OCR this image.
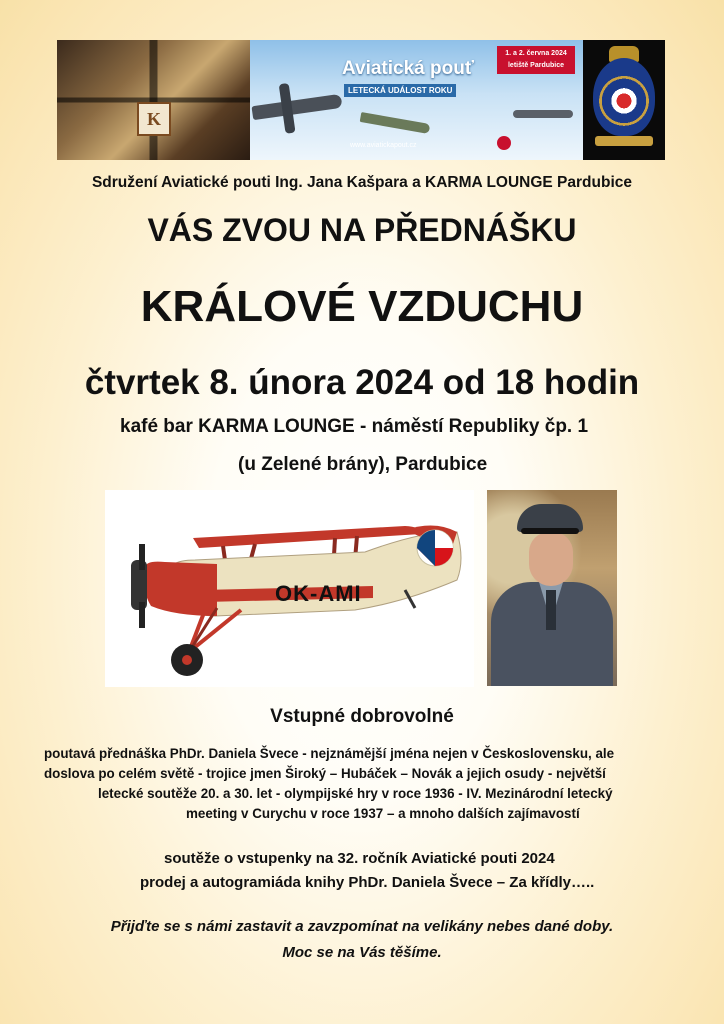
K
Aviatická pouť
LETECKÁ UDÁLOST ROKU
1. a 2. června 2024
letiště Pardubice
www.aviatickapout.cz
Sdružení Aviatické pouti Ing. Jana Kašpara a KARMA LOUNGE Pardubice
VÁS ZVOU NA PŘEDNÁŠKU
KRÁLOVÉ VZDUCHU
čtvrtek 8. února 2024 od 18 hodin
kafé bar KARMA LOUNGE - náměstí Republiky čp. 1
(u Zelené brány), Pardubice
OK-AMI
Vstupné dobrovolné
poutavá přednáška PhDr. Daniela Švece - nejznámější jména nejen v Československu, ale
doslova po celém světě - trojice jmen Široký – Hubáček – Novák a jejich osudy - největší
letecké soutěže 20. a 30. let - olympijské hry v roce 1936 - IV. Mezinárodní letecký
meeting v Curychu v roce 1937 – a mnoho dalších zajímavostí
soutěže o vstupenky na 32. ročník Aviatické pouti 2024
prodej a autogramiáda knihy PhDr. Daniela Švece – Za křídly…..
Přijďte se s námi zastavit a zavzpomínat na velikány nebes dané doby.
Moc se na Vás těšíme.
